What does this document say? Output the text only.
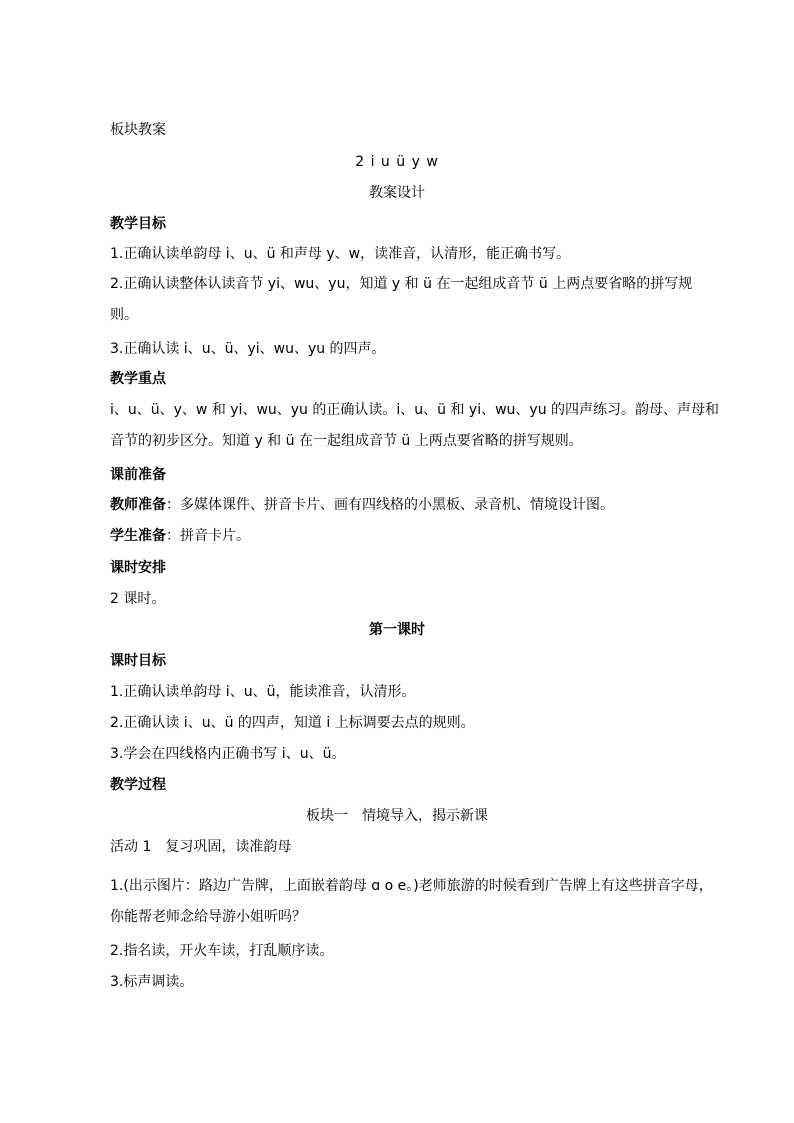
板块教案
2 i u ü y w
教案设计
教学目标
1.正确认读单韵母 i、u、ü 和声母 y、w，读准音，认清形，能正确书写。
2.正确认读整体认读音节 yi、wu、yu，知道 y 和 ü 在一起组成音节 ü 上两点要省略的拼写规则。
3.正确认读 i、u、ü、yi、wu、yu 的四声。
教学重点
i、u、ü、y、w 和 yi、wu、yu 的正确认读。i、u、ü 和 yi、wu、yu 的四声练习。韵母、声母和音节的初步区分。知道 y 和 ü 在一起组成音节 ü 上两点要省略的拼写规则。
课前准备
教师准备：多媒体课件、拼音卡片、画有四线格的小黑板、录音机、情境设计图。
学生准备：拼音卡片。
课时安排
2 课时。
第一课时
课时目标
1.正确认读单韵母 i、u、ü，能读准音，认清形。
2.正确认读 i、u、ü 的四声，知道 i 上标调要去点的规则。
3.学会在四线格内正确书写 i、u、ü。
教学过程
板块一　情境导入，揭示新课
活动 1　复习巩固，读准韵母
1.(出示图片：路边广告牌，上面嵌着韵母 ɑ o e。)老师旅游的时候看到广告牌上有这些拼音字母，你能帮老师念给导游小姐听吗？
2.指名读，开火车读，打乱顺序读。
3.标声调读。
